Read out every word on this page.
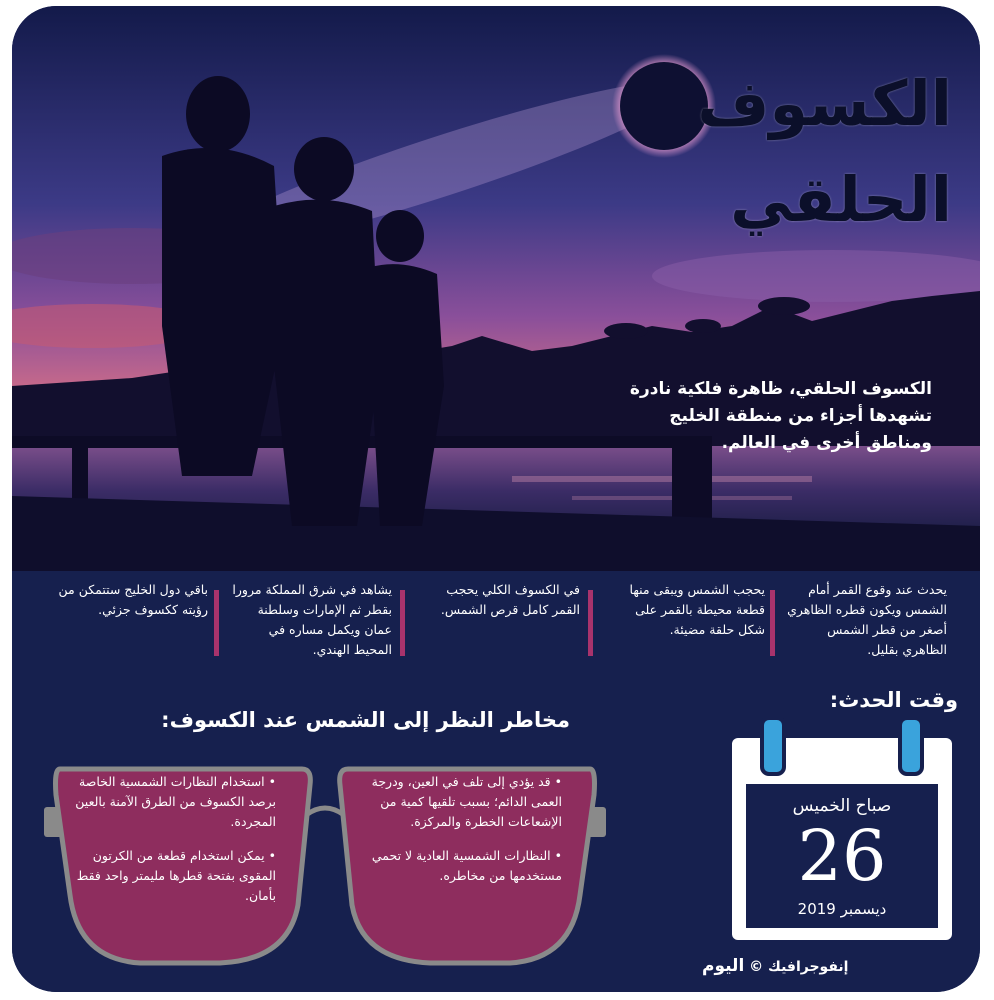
الكسوف
الحلقي
الكسوف الحلقي، ظاهرة فلكية نادرة تشهدها أجزاء من منطقة الخليج ومناطق أخرى في العالم.
يحدث عند وقوع القمر أمام الشمس ويكون قطره الظاهري أصغر من قطر الشمس الظاهري بقليل.
يحجب الشمس ويبقى منها قطعة محيطة بالقمر على شكل حلقة مضيئة.
في الكسوف الكلي يحجب القمر كامل قرص الشمس.
يشاهد في شرق المملكة مرورا بقطر ثم الإمارات وسلطنة عمان ويكمل مساره في المحيط الهندي.
باقي دول الخليج ستتمكن من رؤيته ككسوف جزئي.
وقت الحدث:
صباح الخميس
26
ديسمبر 2019
مخاطر النظر إلى الشمس عند الكسوف:
• قد يؤدي إلى تلف في العين، ودرجة العمى الدائم؛ بسبب تلقيها كمية من الإشعاعات الخطرة والمركزة.
• النظارات الشمسية العادية لا تحمي مستخدمها من مخاطره.
• استخدام النظارات الشمسية الخاصة برصد الكسوف من الطرق الآمنة بالعين المجردة.
• يمكن استخدام قطعة من الكرتون المقوى بفتحة قطرها مليمتر واحد فقط بأمان.
إنفوجرافيك © اليوم
